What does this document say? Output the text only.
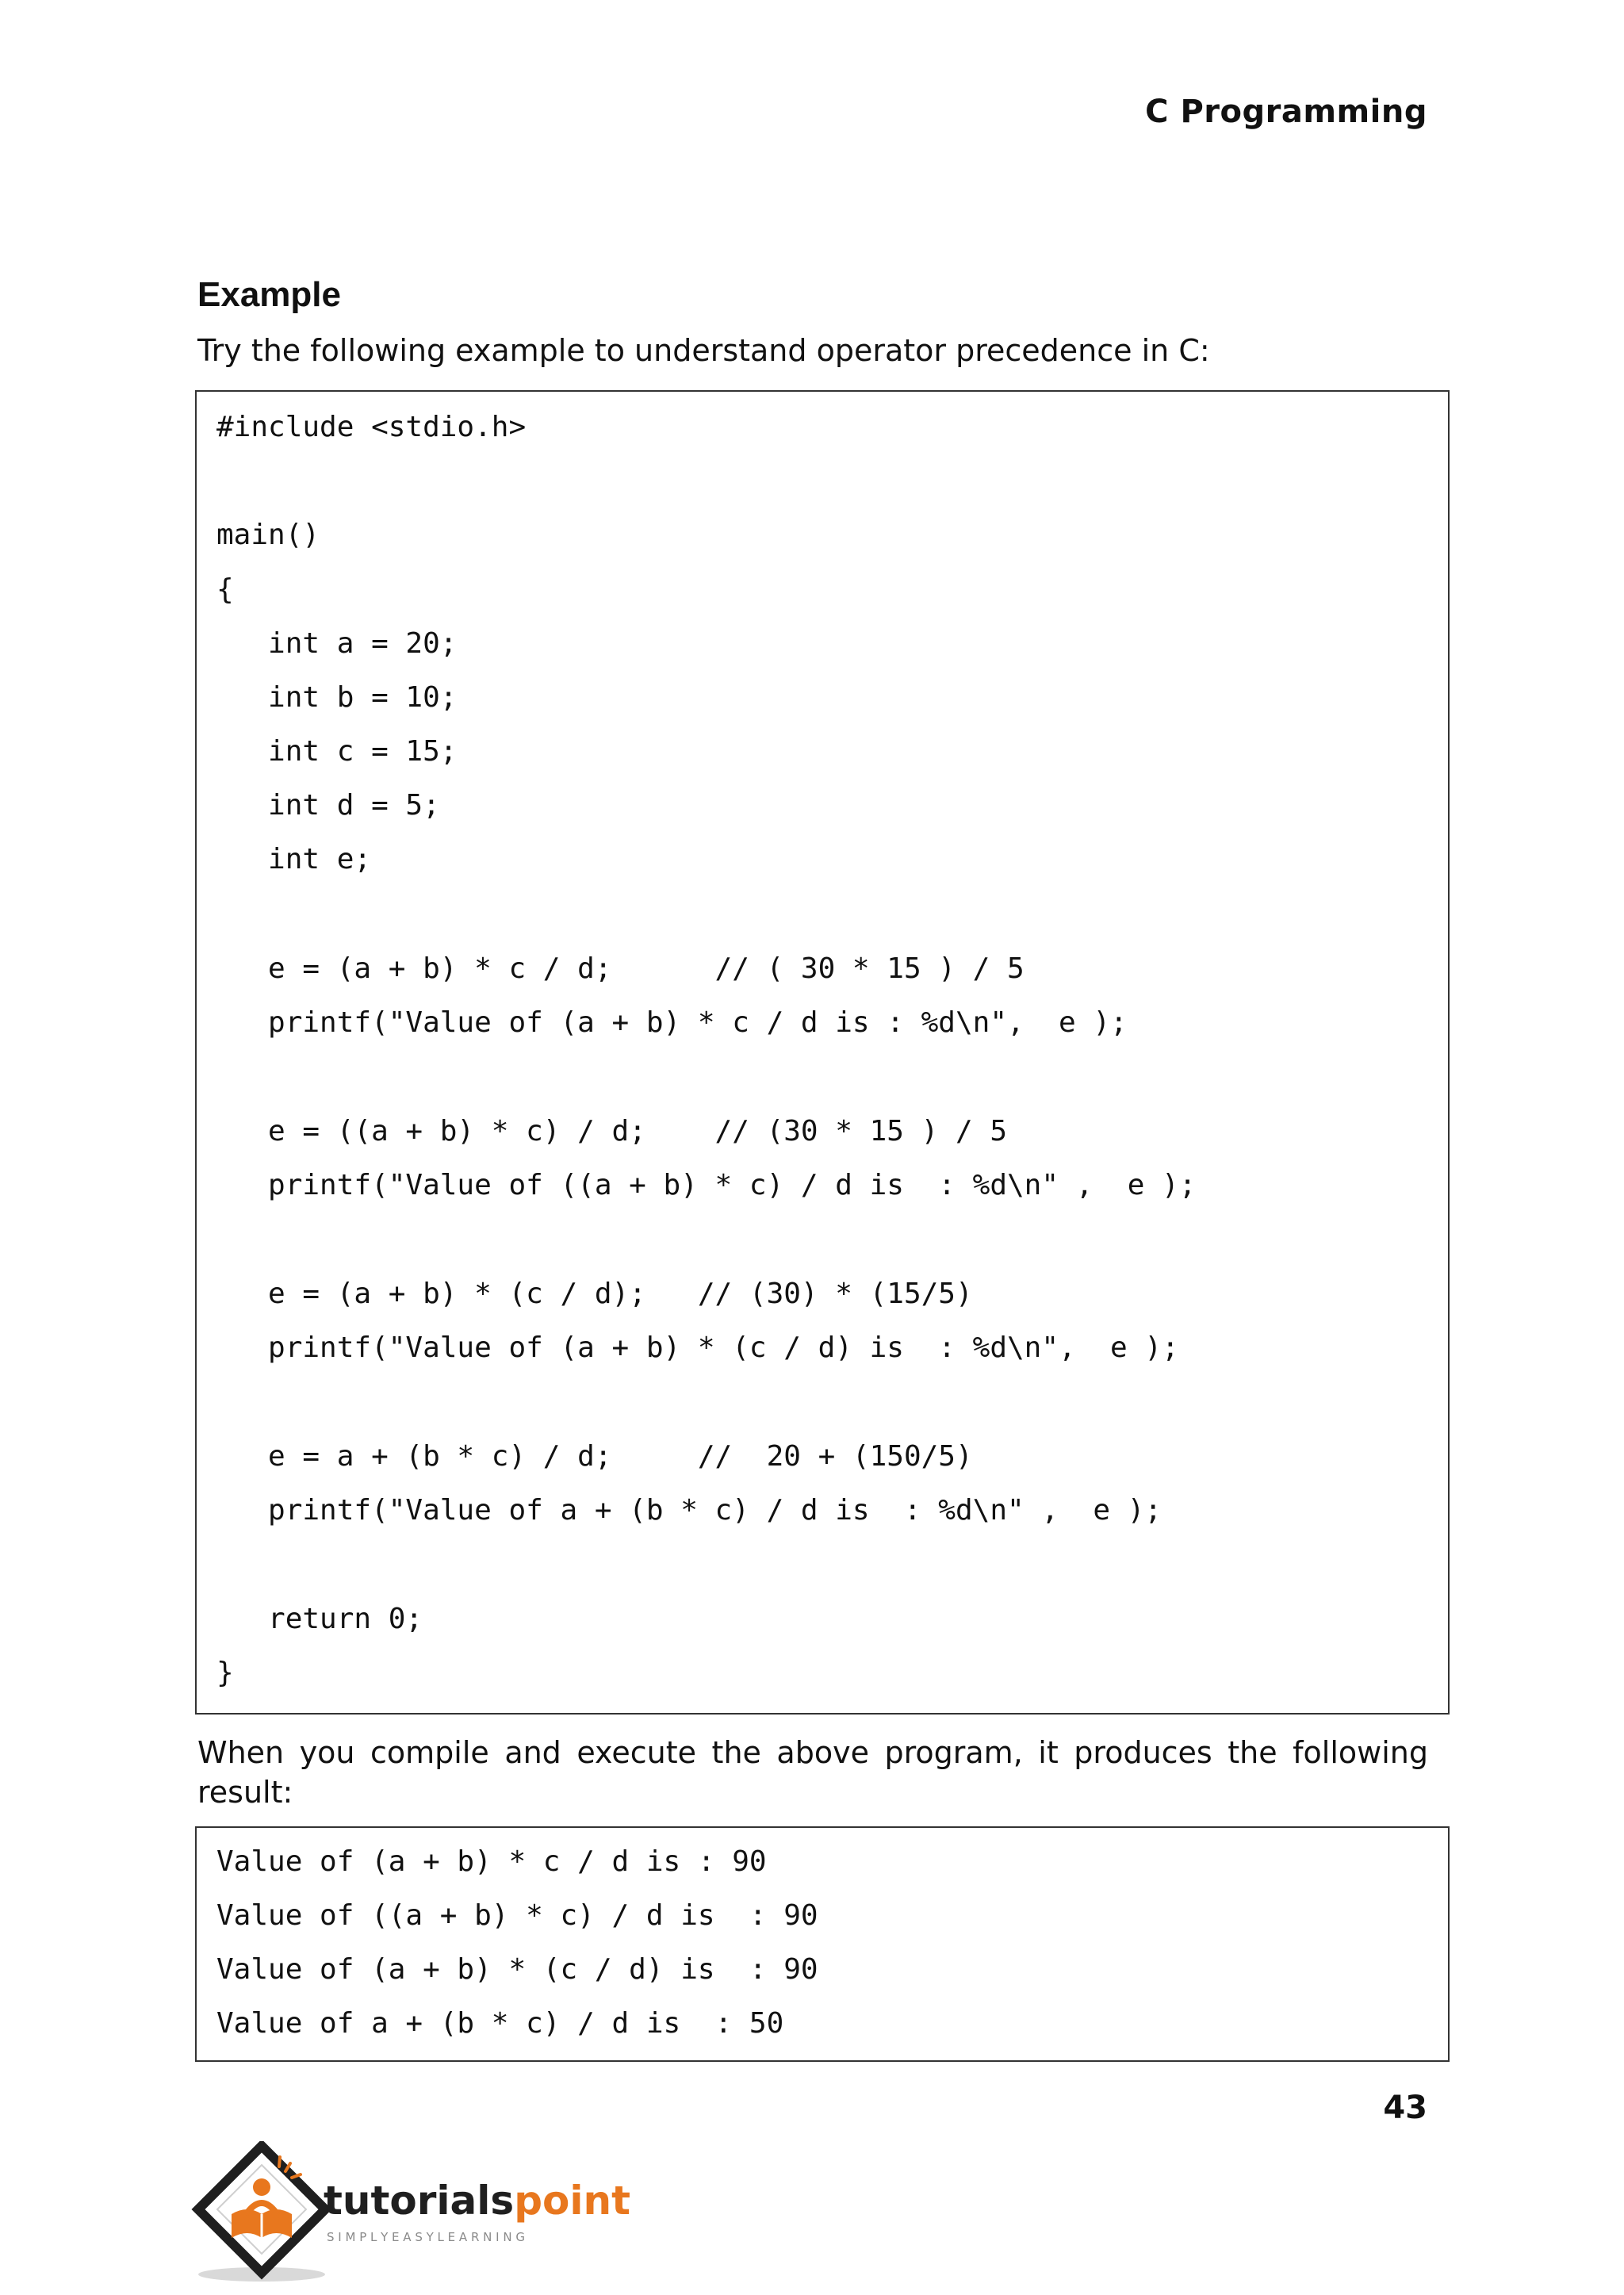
C Programming
Example
Try the following example to understand operator precedence in C:
#include <stdio.h>
main()
{
int a = 20;
int b = 10;
int c = 15;
int d = 5;
int e;
e = (a + b) * c / d;      // ( 30 * 15 ) / 5
printf("Value of (a + b) * c / d is : %d\n",  e );
e = ((a + b) * c) / d;    // (30 * 15 ) / 5
printf("Value of ((a + b) * c) / d is  : %d\n" ,  e );
e = (a + b) * (c / d);   // (30) * (15/5)
printf("Value of (a + b) * (c / d) is  : %d\n",  e );
e = a + (b * c) / d;     //  20 + (150/5)
printf("Value of a + (b * c) / d is  : %d\n" ,  e );
return 0;
}
When you compile and execute the above program, it produces the following result:
Value of (a + b) * c / d is : 90
Value of ((a + b) * c) / d is  : 90
Value of (a + b) * (c / d) is  : 90
Value of a + (b * c) / d is  : 50
43
tutorialspoint
S I M P L Y E A S Y L E A R N I N G
